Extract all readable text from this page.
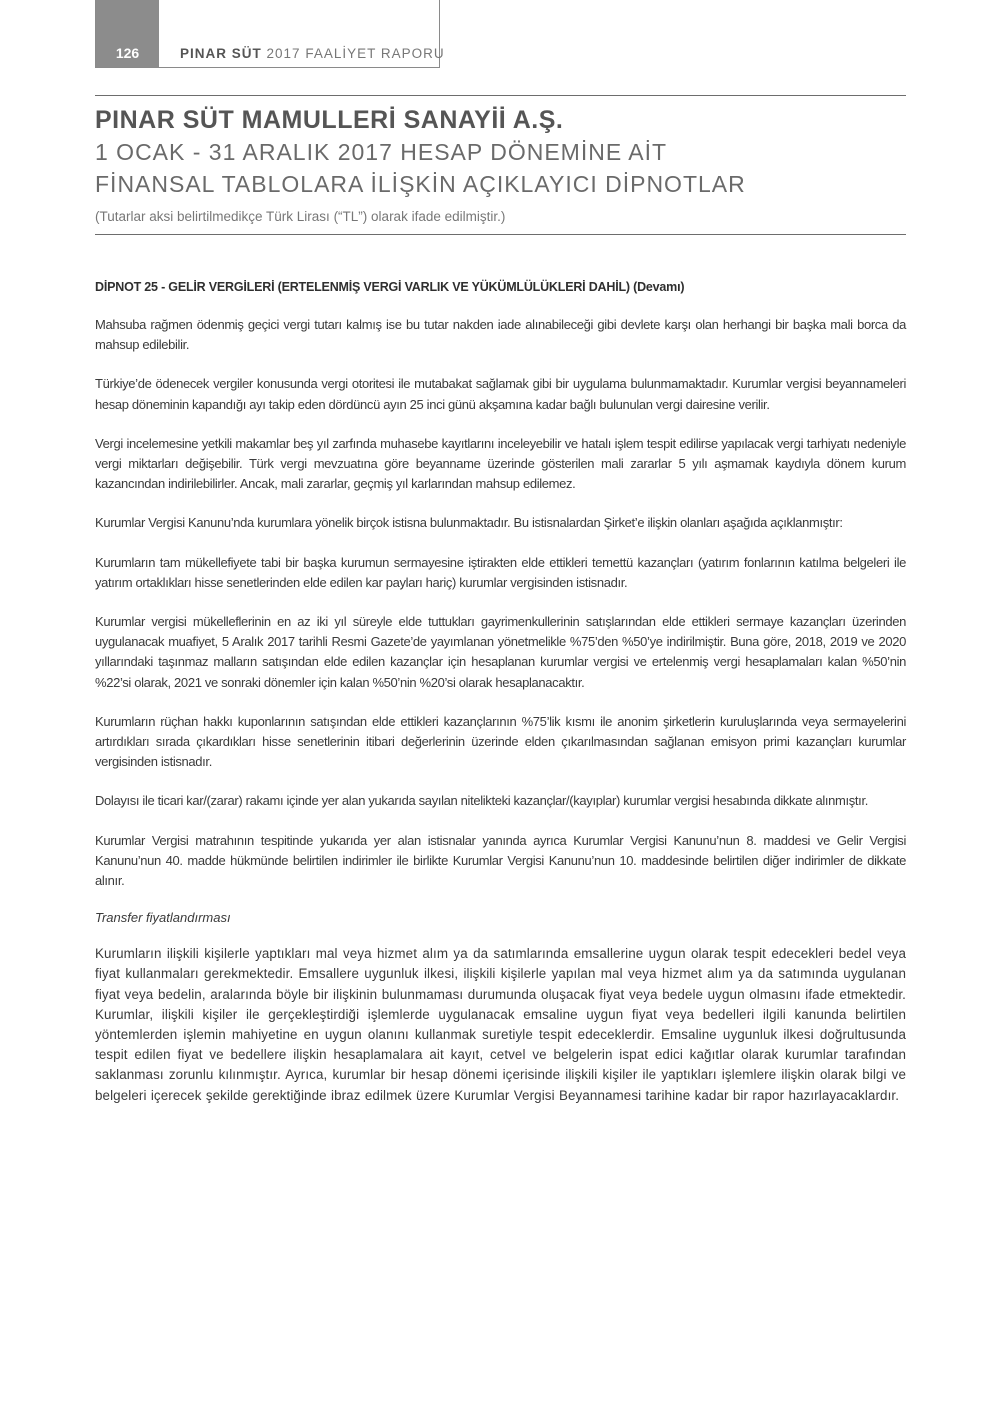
126	PINAR SÜT 2017 FAALİYET RAPORU
PINAR SÜT MAMULLERİ SANAYİİ A.Ş.
1 OCAK - 31 ARALIK 2017 HESAP DÖNEMİNE AİT
FİNANSAL TABLOLARA İLİŞKİN AÇIKLAYICI DİPNOTLAR
(Tutarlar aksi belirtilmedikçe Türk Lirası (“TL”) olarak ifade edilmiştir.)
DİPNOT 25 - GELİR VERGİLERİ (ERTELENMİŞ VERGİ VARLIK VE YÜKÜMLÜLÜKLERİ DAHİL) (Devamı)

Mahsuba rağmen ödenmiş geçici vergi tutarı kalmış ise bu tutar nakden iade alınabileceği gibi devlete karşı olan herhangi bir başka mali borca da mahsup edilebilir.

Türkiye’de ödenecek vergiler konusunda vergi otoritesi ile mutabakat sağlamak gibi bir uygulama bulunmamaktadır. Kurumlar vergisi beyannameleri hesap döneminin kapandığı ayı takip eden dördüncü ayın 25 inci günü akşamına kadar bağlı bulunulan vergi dairesine verilir.

Vergi incelemesine yetkili makamlar beş yıl zarfında muhasebe kayıtlarını inceleyebilir ve hatalı işlem tespit edilirse yapılacak vergi tarhiyatı nedeniyle vergi miktarları değişebilir. Türk vergi mevzuatına göre beyanname üzerinde gösterilen mali zararlar 5 yılı aşmamak kaydıyla dönem kurum kazancından indirilebilirler. Ancak, mali zararlar, geçmiş yıl karlarından mahsup edilemez.

Kurumlar Vergisi Kanunu’nda kurumlara yönelik birçok istisna bulunmaktadır. Bu istisnalardan Şirket’e ilişkin olanları aşağıda açıklanmıştır:

Kurumların tam mükellefiyete tabi bir başka kurumun sermayesine iştirakten elde ettikleri temettü kazançları (yatırım fonlarının katılma belgeleri ile yatırım ortaklıkları hisse senetlerinden elde edilen kar payları hariç) kurumlar vergisinden istisnadır.

Kurumlar vergisi mükelleflerinin en az iki yıl süreyle elde tuttukları gayrimenkullerinin satışlarından elde ettikleri sermaye kazançları üzerinden uygulanacak muafiyet, 5 Aralık 2017 tarihli Resmi Gazete’de yayımlanan yönetmelikle %75’den %50’ye indirilmiştir. Buna göre, 2018, 2019 ve 2020 yıllarındaki taşınmaz malların satışından elde edilen kazançlar için hesaplanan kurumlar vergisi ve ertelenmiş vergi hesaplamaları kalan %50’nin %22’si olarak, 2021 ve sonraki dönemler için kalan %50’nin %20’si olarak hesaplanacaktır.

Kurumların rüçhan hakkı kuponlarının satışından elde ettikleri kazançlarının %75’lik kısmı ile anonim şirketlerin kuruluşlarında veya sermayelerini artırdıkları sırada çıkardıkları hisse senetlerinin itibari değerlerinin üzerinde elden çıkarılmasından sağlanan emisyon primi kazançları kurumlar vergisinden istisnadır.

Dolayısı ile ticari kar/(zarar) rakamı içinde yer alan yukarıda sayılan nitelikteki kazançlar/(kayıplar) kurumlar vergisi hesabında dikkate alınmıştır.

Kurumlar Vergisi matrahının tespitinde yukarıda yer alan istisnalar yanında ayrıca Kurumlar Vergisi Kanunu’nun 8. maddesi ve Gelir Vergisi Kanunu’nun 40. madde hükmünde belirtilen indirimler ile birlikte Kurumlar Vergisi Kanunu’nun 10. maddesinde belirtilen diğer indirimler de dikkate alınır.

Transfer fiyatlandırması

Kurumların ilişkili kişilerle yaptıkları mal veya hizmet alım ya da satımlarında emsallerine uygun olarak tespit edecekleri bedel veya fiyat kullanmaları gerekmektedir. Emsallere uygunluk ilkesi, ilişkili kişilerle yapılan mal veya hizmet alım ya da satımında uygulanan fiyat veya bedelin, aralarında böyle bir ilişkinin bulunmaması durumunda oluşacak fiyat veya bedele uygun olmasını ifade etmektedir. Kurumlar, ilişkili kişiler ile gerçekleştirdiği işlemlerde uygulanacak emsaline uygun fiyat veya bedelleri ilgili kanunda belirtilen yöntemlerden işlemin mahiyetine en uygun olanını kullanmak suretiyle tespit edeceklerdir. Emsaline uygunluk ilkesi doğrultusunda tespit edilen fiyat ve bedellere ilişkin hesaplamalara ait kayıt, cetvel ve belgelerin ispat edici kağıtlar olarak kurumlar tarafından saklanması zorunlu kılınmıştır. Ayrıca, kurumlar bir hesap dönemi içerisinde ilişkili kişiler ile yaptıkları işlemlere ilişkin olarak bilgi ve belgeleri içerecek şekilde gerektiğinde ibraz edilmek üzere Kurumlar Vergisi Beyannamesi tarihine kadar bir rapor hazırlayacaklardır.
